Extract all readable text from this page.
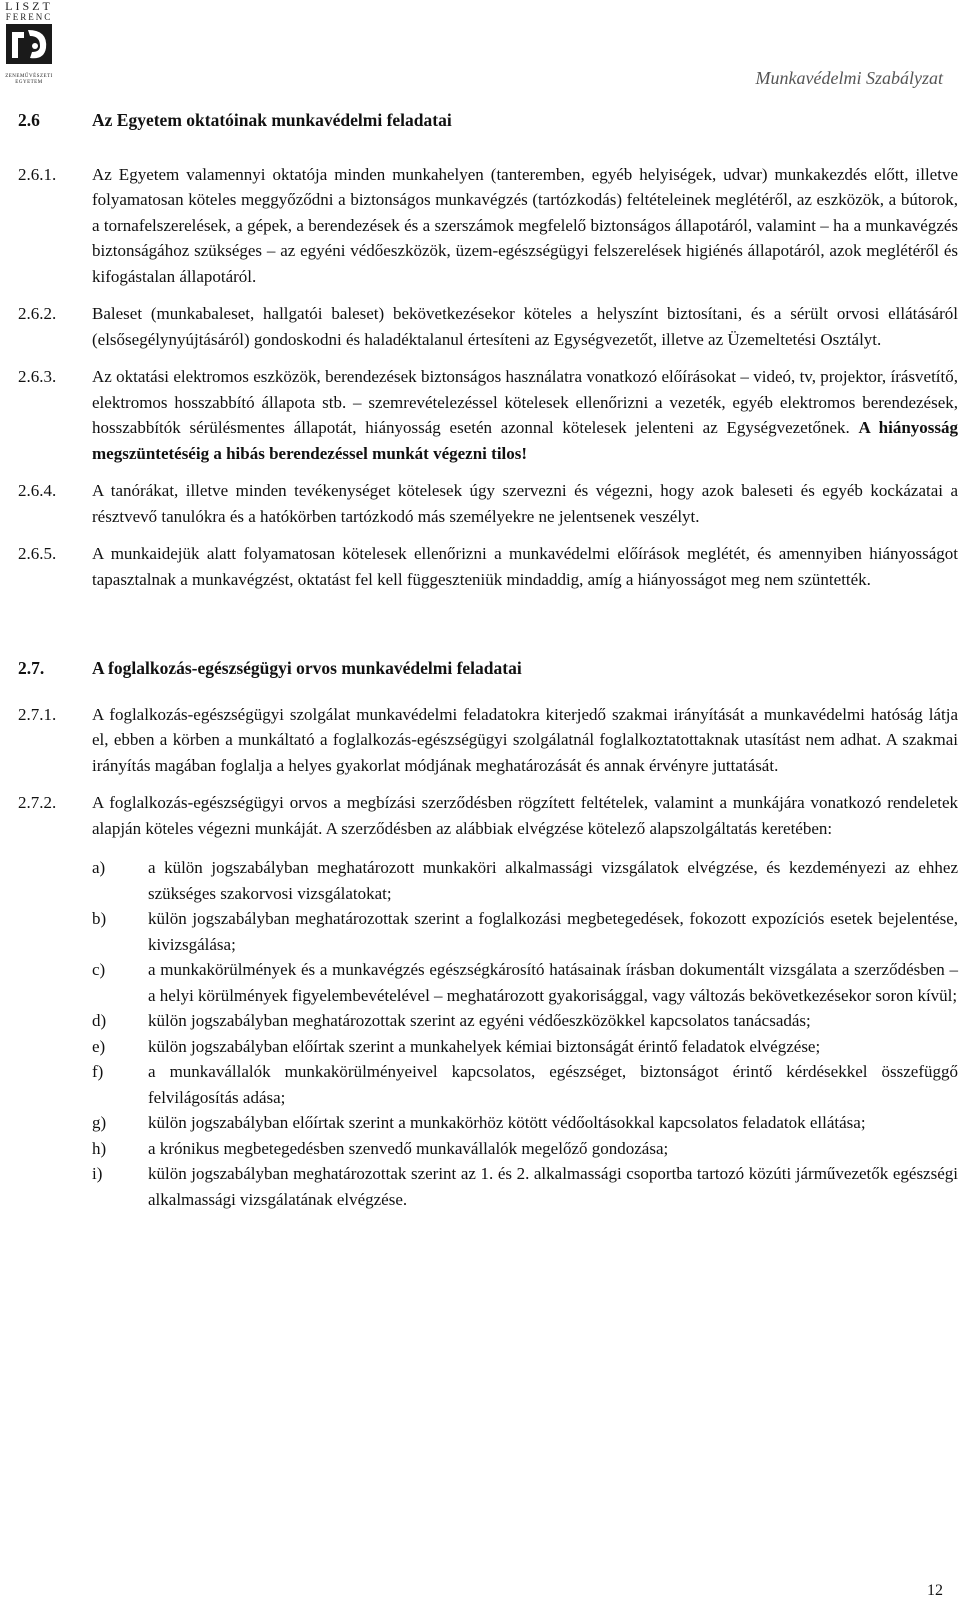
LISZT
FERENC
ZENEMŰVÉSZETI
EGYETEM	Munkavédelmi Szabályzat
2.6	Az Egyetem oktatóinak munkavédelmi feladatai
2.6.1.	Az Egyetem valamennyi oktatója minden munkahelyen (tanteremben, egyéb helyiségek, udvar) munkakezdés előtt, illetve folyamatosan köteles meggyőződni a biztonságos munkavégzés (tartózkodás) feltételeinek meglétéről, az eszközök, a bútorok, a tornafelszerelések, a gépek, a berendezések és a szerszámok megfelelő biztonságos állapotáról, valamint – ha a munkavégzés biztonságához szükséges – az egyéni védőeszközök, üzem-egészségügyi felszerelések higiénés állapotáról, azok meglétéről és kifogástalan állapotáról.
2.6.2.	Baleset (munkabaleset, hallgatói baleset) bekövetkezésekor köteles a helyszínt biztosítani, és a sérült orvosi ellátásáról (elsősegélynyújtásáról) gondoskodni és haladéktalanul értesíteni az Egységvezetőt, illetve az Üzemeltetési Osztályt.
2.6.3.	Az oktatási elektromos eszközök, berendezések biztonságos használatra vonatkozó előírásokat – videó, tv, projektor, írásvetítő, elektromos hosszabbító állapota stb. – szemrevételezéssel kötelesek ellenőrizni a vezeték, egyéb elektromos berendezések, hosszabbítók sérülésmentes állapotát, hiányosság esetén azonnal kötelesek jelenteni az Egységvezetőnek. A hiányosság megszüntetéséig a hibás berendezéssel munkát végezni tilos!
2.6.4.	A tanórákat, illetve minden tevékenységet kötelesek úgy szervezni és végezni, hogy azok baleseti és egyéb kockázatai a résztvevő tanulókra és a hatókörben tartózkodó más személyekre ne jelentsenek veszélyt.
2.6.5.	A munkaidejük alatt folyamatosan kötelesek ellenőrizni a munkavédelmi előírások meglétét, és amennyiben hiányosságot tapasztalnak a munkavégzést, oktatást fel kell függeszteniük mindaddig, amíg a hiányosságot meg nem szüntették.
2.7.	A foglalkozás-egészségügyi orvos munkavédelmi feladatai
2.7.1.	A foglalkozás-egészségügyi szolgálat munkavédelmi feladatokra kiterjedő szakmai irányítását a munkavédelmi hatóság látja el, ebben a körben a munkáltató a foglalkozás-egészségügyi szolgálatnál foglalkoztatottaknak utasítást nem adhat. A szakmai irányítás magában foglalja a helyes gyakorlat módjának meghatározását és annak érvényre juttatását.
2.7.2.	A foglalkozás-egészségügyi orvos a megbízási szerződésben rögzített feltételek, valamint a munkájára vonatkozó rendeletek alapján köteles végezni munkáját. A szerződésben az alábbiak elvégzése kötelező alapszolgáltatás keretében:
a)	a külön jogszabályban meghatározott munkaköri alkalmassági vizsgálatok elvégzése, és kezdeményezi az ehhez szükséges szakorvosi vizsgálatokat;
b)	külön jogszabályban meghatározottak szerint a foglalkozási megbetegedések, fokozott expozíciós esetek bejelentése, kivizsgálása;
c)	a munkakörülmények és a munkavégzés egészségkárosító hatásainak írásban dokumentált vizsgálata a szerződésben – a helyi körülmények figyelembevételével – meghatározott gyakorisággal, vagy változás bekövetkezésekor soron kívül;
d)	külön jogszabályban meghatározottak szerint az egyéni védőeszközökkel kapcsolatos tanácsadás;
e)	külön jogszabályban előírtak szerint a munkahelyek kémiai biztonságát érintő feladatok elvégzése;
f)	a munkavállalók munkakörülményeivel kapcsolatos, egészséget, biztonságot érintő kérdésekkel összefüggő felvilágosítás adása;
g)	külön jogszabályban előírtak szerint a munkakörhöz kötött védőoltásokkal kapcsolatos feladatok ellátása;
h)	a krónikus megbetegedésben szenvedő munkavállalók megelőző gondozása;
i)	külön jogszabályban meghatározottak szerint az 1. és 2. alkalmassági csoportba tartozó közúti járművezetők egészségi alkalmassági vizsgálatának elvégzése.
12
